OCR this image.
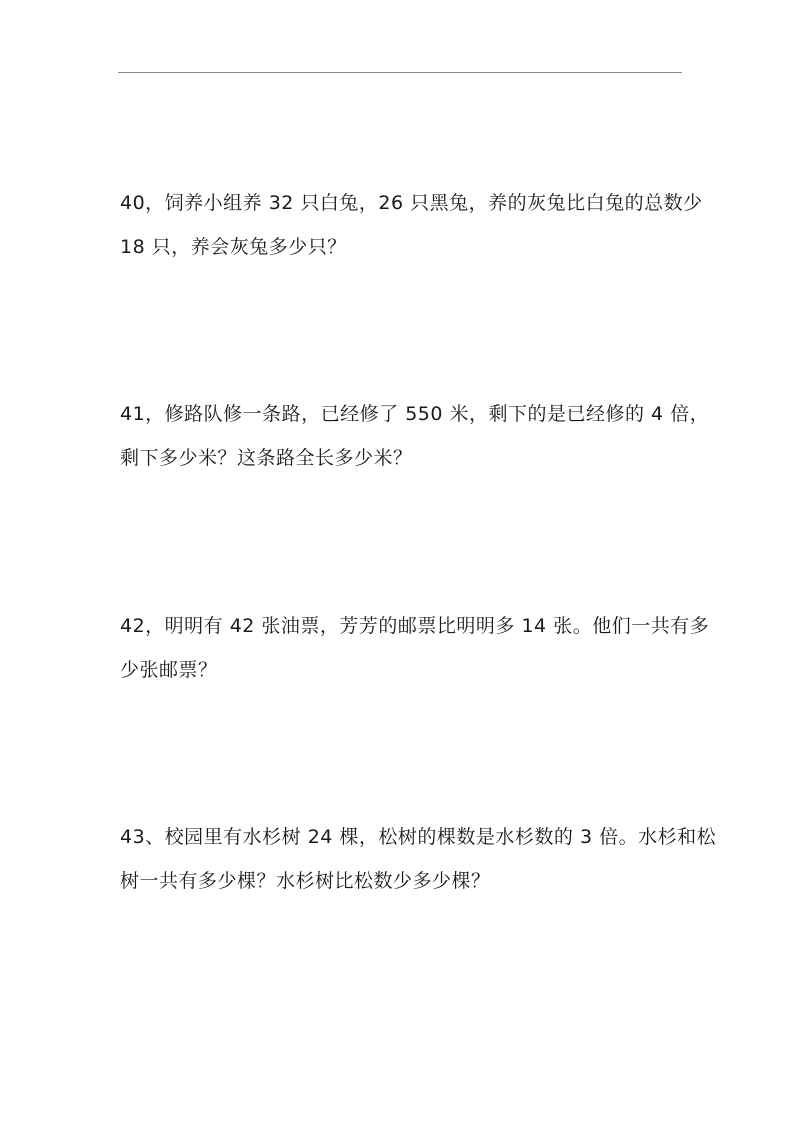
40，饲养小组养 32 只白兔，26 只黑兔，养的灰兔比白兔的总数少
18 只，养会灰兔多少只？
41，修路队修一条路，已经修了 550 米，剩下的是已经修的 4 倍，
剩下多少米？这条路全长多少米？
42，明明有 42 张油票，芳芳的邮票比明明多 14 张。他们一共有多
少张邮票？
43、校园里有水杉树 24 棵，松树的棵数是水杉数的 3 倍。水杉和松
树一共有多少棵？水杉树比松数少多少棵？
